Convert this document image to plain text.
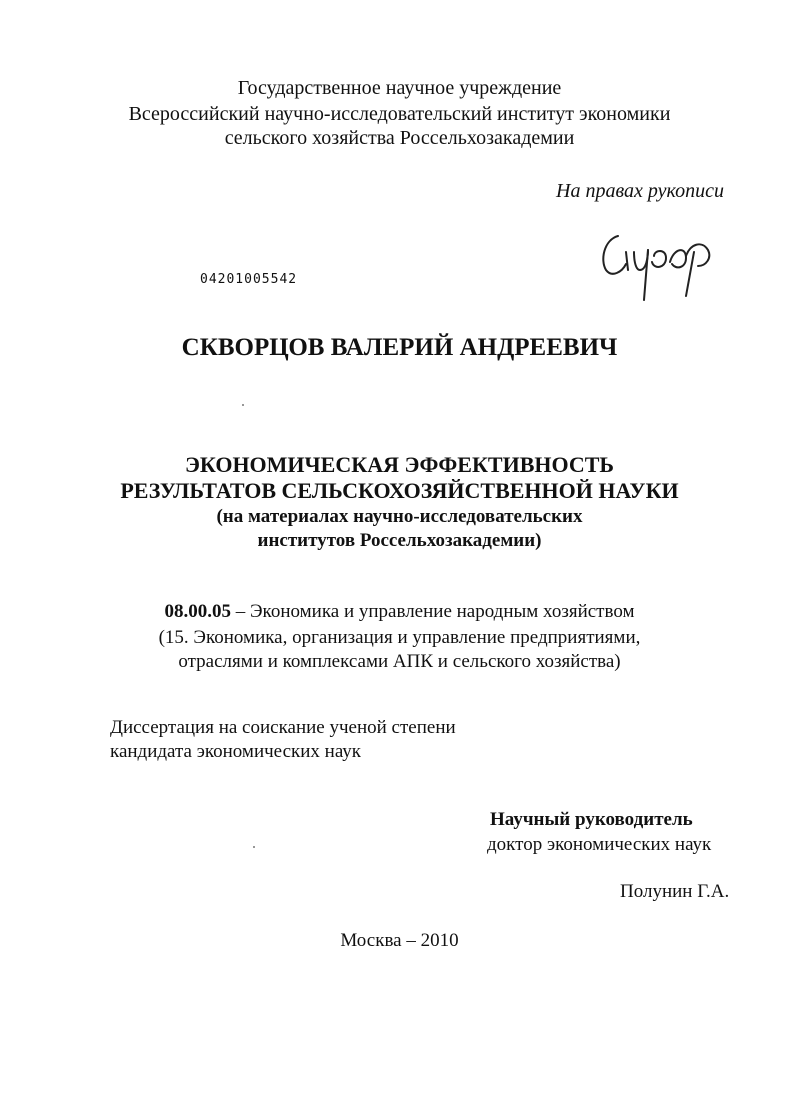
Государственное научное учреждение
Всероссийский научно-исследовательский институт экономики
сельского хозяйства Россельхозакадемии
На правах рукописи
04201005542
СКВОРЦОВ ВАЛЕРИЙ АНДРЕЕВИЧ
ЭКОНОМИЧЕСКАЯ ЭФФЕКТИВНОСТЬ
РЕЗУЛЬТАТОВ СЕЛЬСКОХОЗЯЙСТВЕННОЙ НАУКИ
(на материалах научно-исследовательских
институтов Россельхозакадемии)
08.00.05 – Экономика и управление народным хозяйством
(15. Экономика, организация и управление предприятиями,
отраслями и комплексами АПК и сельского хозяйства)
Диссертация на соискание ученой степени
кандидата экономических наук
Научный руководитель
доктор экономических наук
Полунин Г.А.
Москва – 2010
